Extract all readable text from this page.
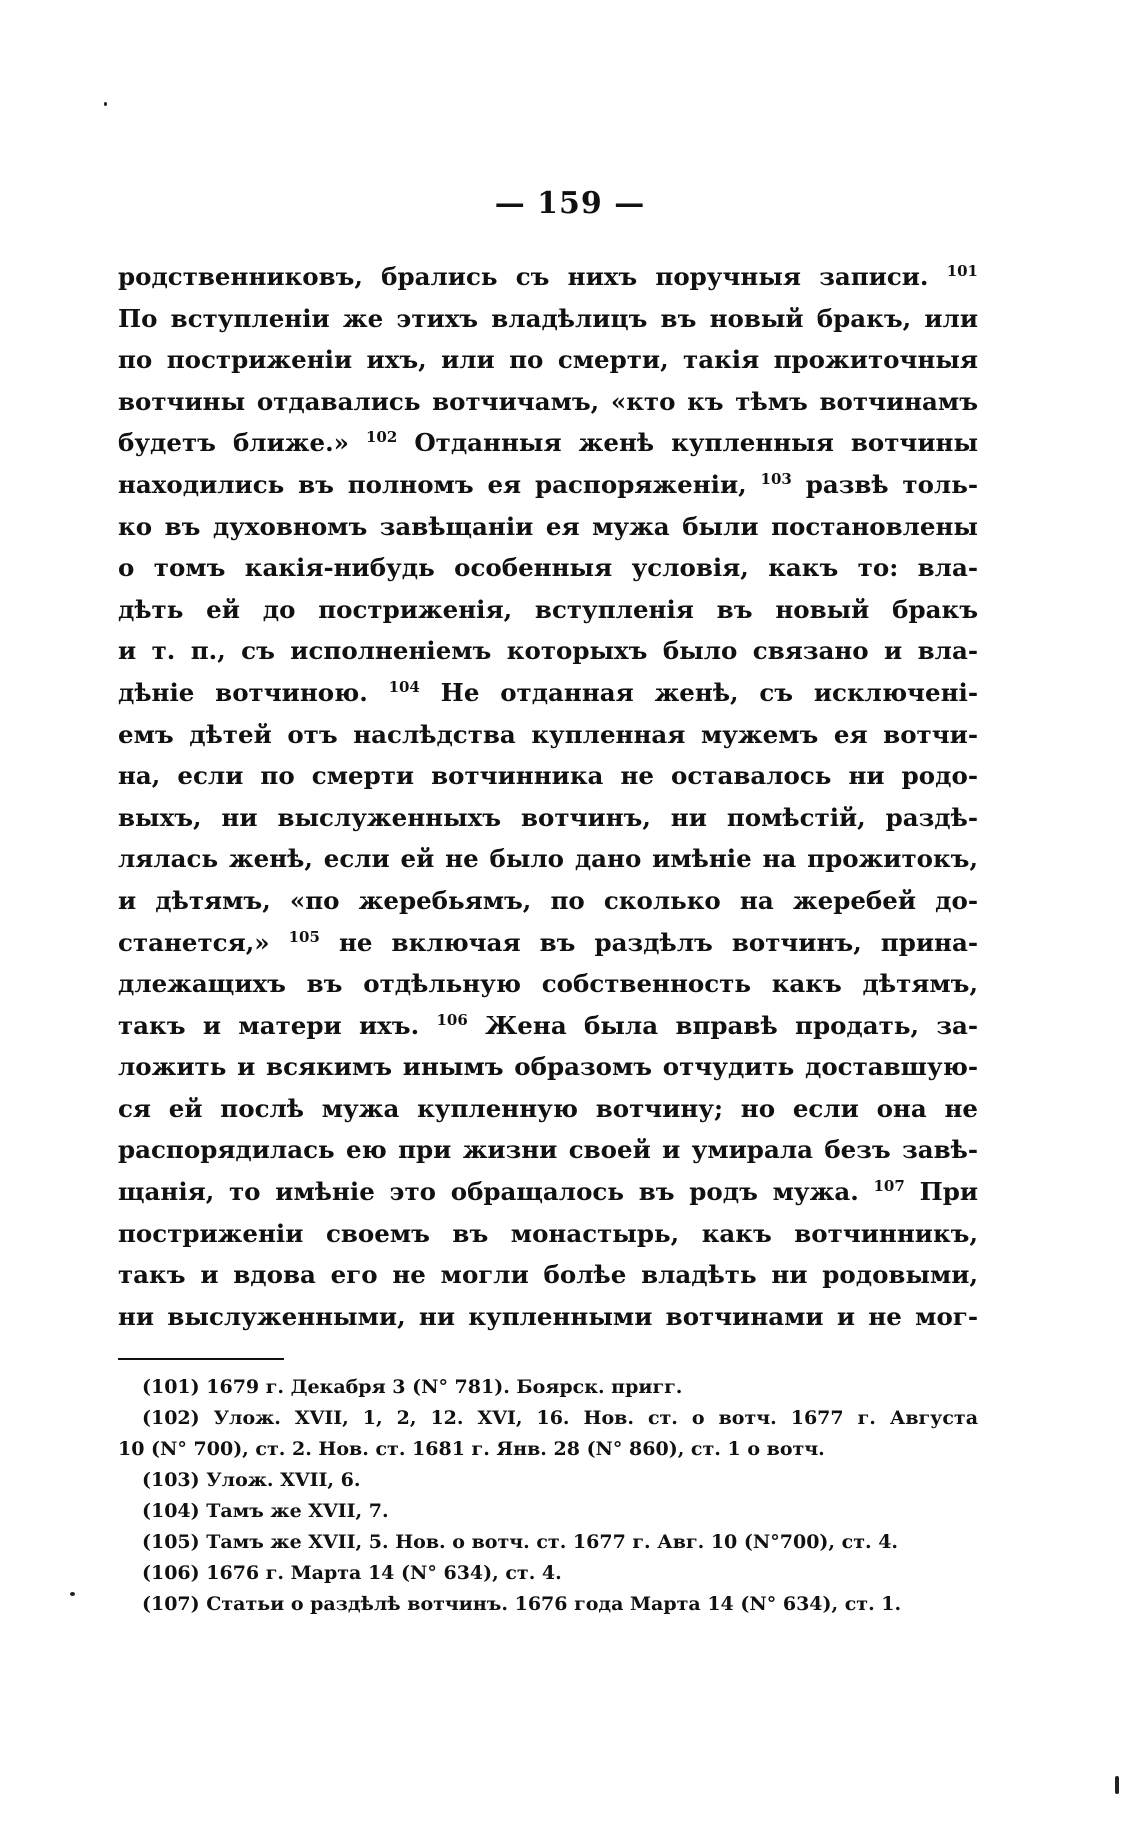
— 159 —
родственниковъ, брались съ нихъ поручныя записи. $^{101}$
По вступленіи же этихъ владѣлицъ въ новый бракъ, или
по постриженіи ихъ, или по смерти, такія прожиточныя
вотчины отдавались вотчичамъ, «кто къ тѣмъ вотчинамъ
будетъ ближе.» $^{102}$ Отданныя женѣ купленныя вотчины
находились въ полномъ ея распоряженіи, $^{103}$ развѣ толь-
ко въ духовномъ завѣщаніи ея мужа были постановлены
о томъ какія-нибудь особенныя условія, какъ то: вла-
дѣть ей до постриженія, вступленія въ новый бракъ
и т. п., съ исполненіемъ которыхъ было связано и вла-
дѣніе вотчиною. $^{104}$ Не отданная женѣ, съ исключені-
емъ дѣтей отъ наслѣдства купленная мужемъ ея вотчи-
на, если по смерти вотчинника не оставалось ни родо-
выхъ, ни выслуженныхъ вотчинъ, ни помѣстій, раздѣ-
лялась женѣ, если ей не было дано имѣніе на прожитокъ,
и дѣтямъ, «по жеребьямъ, по сколько на жеребей до-
станется,» $^{105}$ не включая въ раздѣлъ вотчинъ, прина-
длежащихъ въ отдѣльную собственность какъ дѣтямъ,
такъ и матери ихъ. $^{106}$ Жена была вправѣ продать, за-
ложить и всякимъ инымъ образомъ отчудить доставшую-
ся ей послѣ мужа купленную вотчину; но если она не
распорядилась ею при жизни своей и умирала безъ завѣ-
щанія, то имѣніе это обращалось въ родъ мужа. $^{107}$ При
постриженіи своемъ въ монастырь, какъ вотчинникъ,
такъ и вдова его не могли болѣе владѣть ни родовыми,
ни выслуженными, ни купленными вотчинами и не мог-
(101) 1679 г. Декабря 3 (N° 781). Боярск. пригг.
(102) Улож. XVII, 1, 2, 12. XVI, 16. Нов. ст. о вотч. 1677 г. Августа
10 (N° 700), ст. 2. Нов. ст. 1681 г. Янв. 28 (N° 860), ст. 1 о вотч.
(103) Улож. XVII, 6.
(104) Тамъ же XVII, 7.
(105) Тамъ же XVII, 5. Нов. о вотч. ст. 1677 г. Авг. 10 (N°700), ст. 4.
(106) 1676 г. Марта 14 (N° 634), ст. 4.
(107) Статьи о раздѣлѣ вотчинъ. 1676 года Марта 14 (N° 634), ст. 1.
